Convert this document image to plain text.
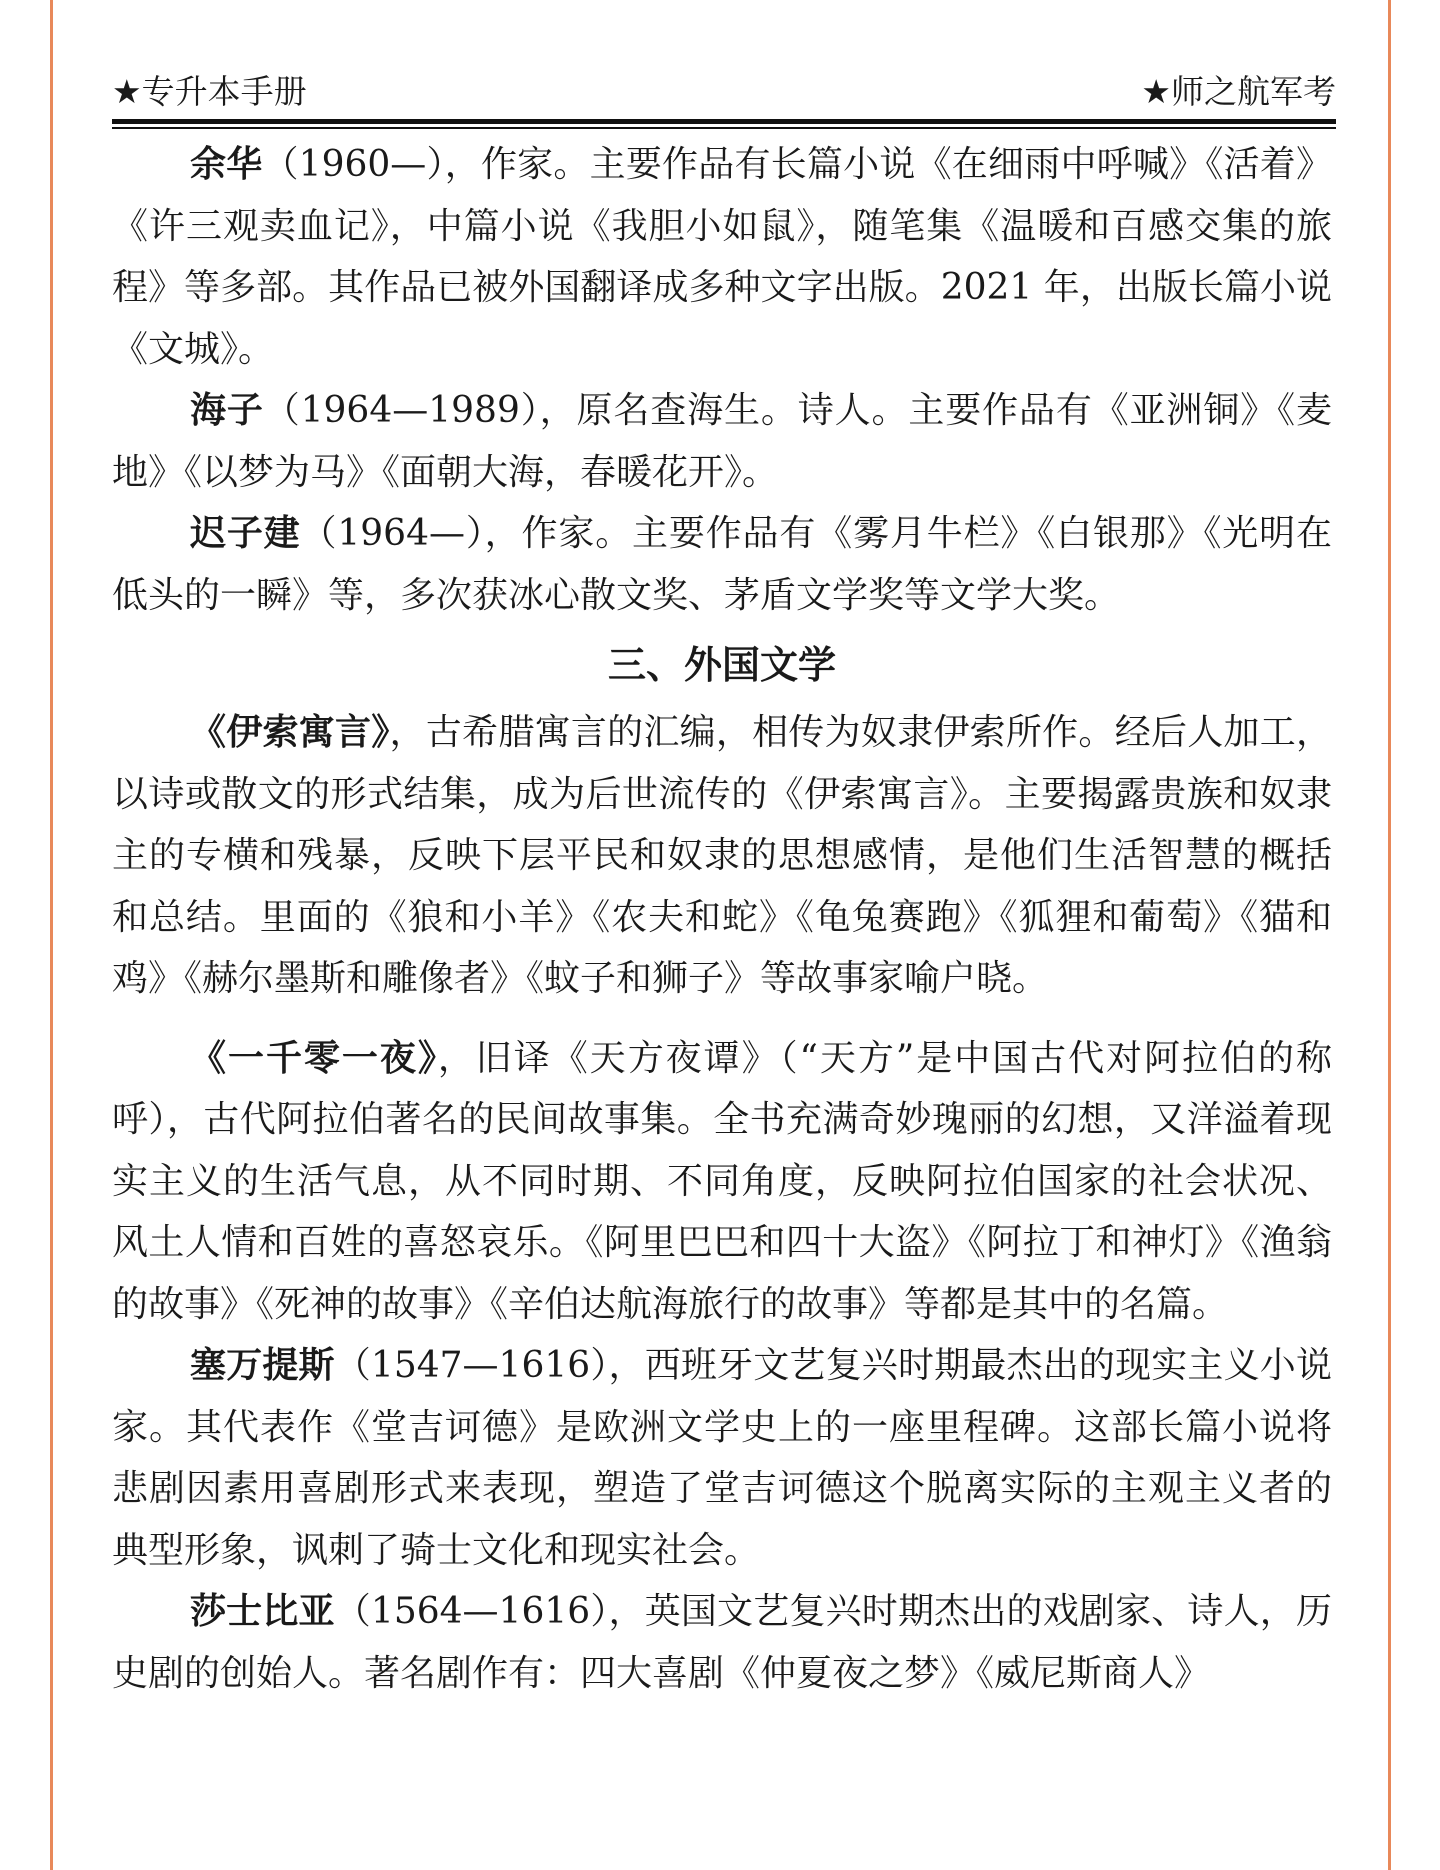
★专升本手册	★师之航军考

余华（1960—），作家。主要作品有长篇小说《在细雨中呼喊》《活着》《许三观卖血记》，中篇小说《我胆小如鼠》，随笔集《温暖和百感交集的旅程》等多部。其作品已被外国翻译成多种文字出版。2021 年，出版长篇小说《文城》。

海子（1964—1989），原名查海生。诗人。主要作品有《亚洲铜》《麦地》《以梦为马》《面朝大海，春暖花开》。

迟子建（1964—），作家。主要作品有《雾月牛栏》《白银那》《光明在低头的一瞬》等，多次获冰心散文奖、茅盾文学奖等文学大奖。

三、外国文学

《伊索寓言》，古希腊寓言的汇编，相传为奴隶伊索所作。经后人加工，以诗或散文的形式结集，成为后世流传的《伊索寓言》。主要揭露贵族和奴隶主的专横和残暴，反映下层平民和奴隶的思想感情，是他们生活智慧的概括和总结。里面的《狼和小羊》《农夫和蛇》《龟兔赛跑》《狐狸和葡萄》《猫和鸡》《赫尔墨斯和雕像者》《蚊子和狮子》等故事家喻户晓。

《一千零一夜》，旧译《天方夜谭》（“天方”是中国古代对阿拉伯的称呼），古代阿拉伯著名的民间故事集。全书充满奇妙瑰丽的幻想，又洋溢着现实主义的生活气息，从不同时期、不同角度，反映阿拉伯国家的社会状况、风土人情和百姓的喜怒哀乐。《阿里巴巴和四十大盗》《阿拉丁和神灯》《渔翁的故事》《死神的故事》《辛伯达航海旅行的故事》等都是其中的名篇。

塞万提斯（1547—1616），西班牙文艺复兴时期最杰出的现实主义小说家。其代表作《堂吉诃德》是欧洲文学史上的一座里程碑。这部长篇小说将悲剧因素用喜剧形式来表现，塑造了堂吉诃德这个脱离实际的主观主义者的典型形象，讽刺了骑士文化和现实社会。

莎士比亚（1564—1616），英国文艺复兴时期杰出的戏剧家、诗人，历史剧的创始人。著名剧作有：四大喜剧《仲夏夜之梦》《威尼斯商人》
